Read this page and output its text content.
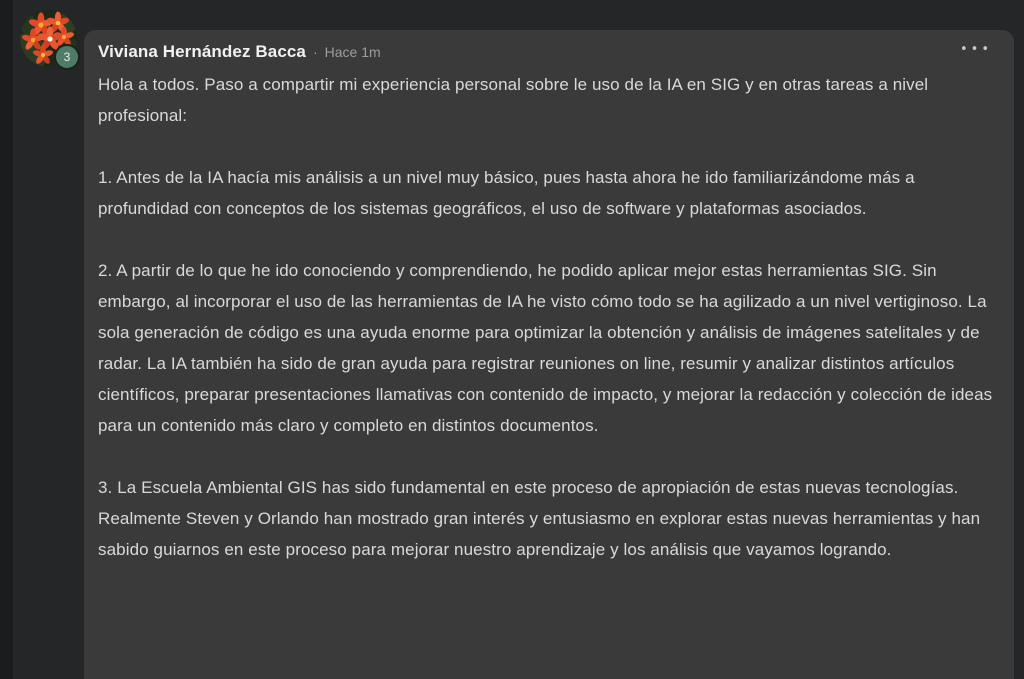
3	Viviana Hernández Bacca · Hace 1m	•••

Hola a todos. Paso a compartir mi experiencia personal sobre le uso de la IA en SIG y en otras tareas a nivel profesional:

1. Antes de la IA hacía mis análisis a un nivel muy básico, pues hasta ahora he ido familiarizándome más a profundidad con conceptos de los sistemas geográficos, el uso de software y plataformas asociados.

2. A partir de lo que he ido conociendo y comprendiendo, he podido aplicar mejor estas herramientas SIG. Sin embargo, al incorporar el uso de las herramientas de IA he visto cómo todo se ha agilizado a un nivel vertiginoso. La sola generación de código es una ayuda enorme para optimizar la obtención y análisis de imágenes satelitales y de radar. La IA también ha sido de gran ayuda para registrar reuniones on line, resumir y analizar distintos artículos científicos, preparar presentaciones llamativas con contenido de impacto, y mejorar la redacción y colección de ideas para un contenido más claro y completo en distintos documentos.

3. La Escuela Ambiental GIS has sido fundamental en este proceso de apropiación de estas nuevas tecnologías. Realmente Steven y Orlando han mostrado gran interés y entusiasmo en explorar estas nuevas herramientas y han sabido guiarnos en este proceso para mejorar nuestro aprendizaje y los análisis que vayamos logrando.
